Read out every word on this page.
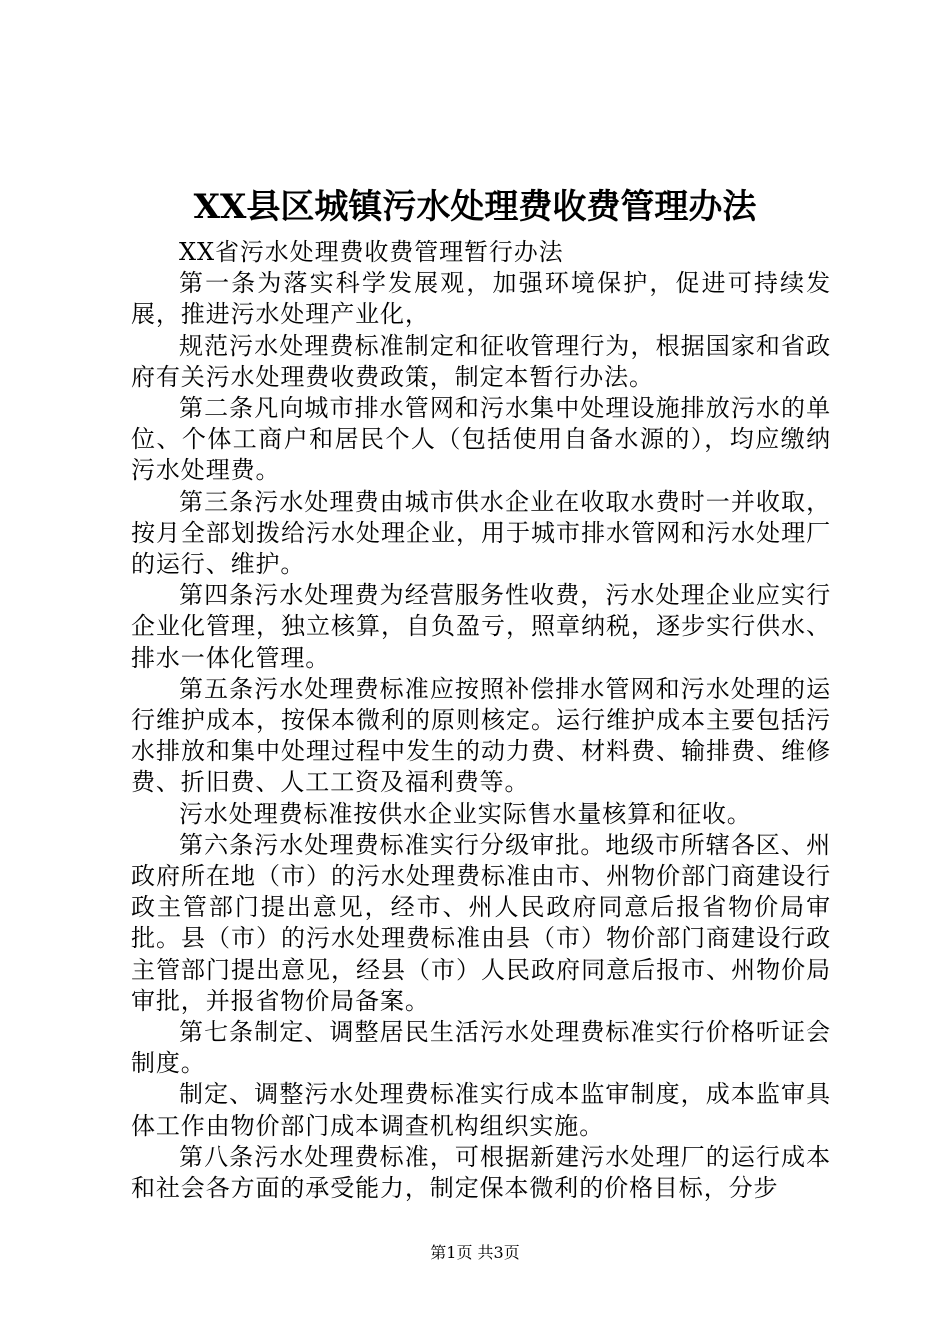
XX县区城镇污水处理费收费管理办法

XX省污水处理费收费管理暂行办法

第一条为落实科学发展观，加强环境保护，促进可持续发展，推进污水处理产业化，

规范污水处理费标准制定和征收管理行为，根据国家和省政府有关污水处理费收费政策，制定本暂行办法。

第二条凡向城市排水管网和污水集中处理设施排放污水的单位、个体工商户和居民个人（包括使用自备水源的），均应缴纳污水处理费。

第三条污水处理费由城市供水企业在收取水费时一并收取，按月全部划拨给污水处理企业，用于城市排水管网和污水处理厂的运行、维护。

第四条污水处理费为经营服务性收费，污水处理企业应实行企业化管理，独立核算，自负盈亏，照章纳税，逐步实行供水、排水一体化管理。

第五条污水处理费标准应按照补偿排水管网和污水处理的运行维护成本，按保本微利的原则核定。运行维护成本主要包括污水排放和集中处理过程中发生的动力费、材料费、输排费、维修费、折旧费、人工工资及福利费等。

污水处理费标准按供水企业实际售水量核算和征收。

第六条污水处理费标准实行分级审批。地级市所辖各区、州政府所在地（市）的污水处理费标准由市、州物价部门商建设行政主管部门提出意见，经市、州人民政府同意后报省物价局审批。县（市）的污水处理费标准由县（市）物价部门商建设行政主管部门提出意见，经县（市）人民政府同意后报市、州物价局审批，并报省物价局备案。

第七条制定、调整居民生活污水处理费标准实行价格听证会制度。

制定、调整污水处理费标准实行成本监审制度，成本监审具体工作由物价部门成本调查机构组织实施。

第八条污水处理费标准，可根据新建污水处理厂的运行成本和社会各方面的承受能力，制定保本微利的价格目标，分步

第1页 共3页
